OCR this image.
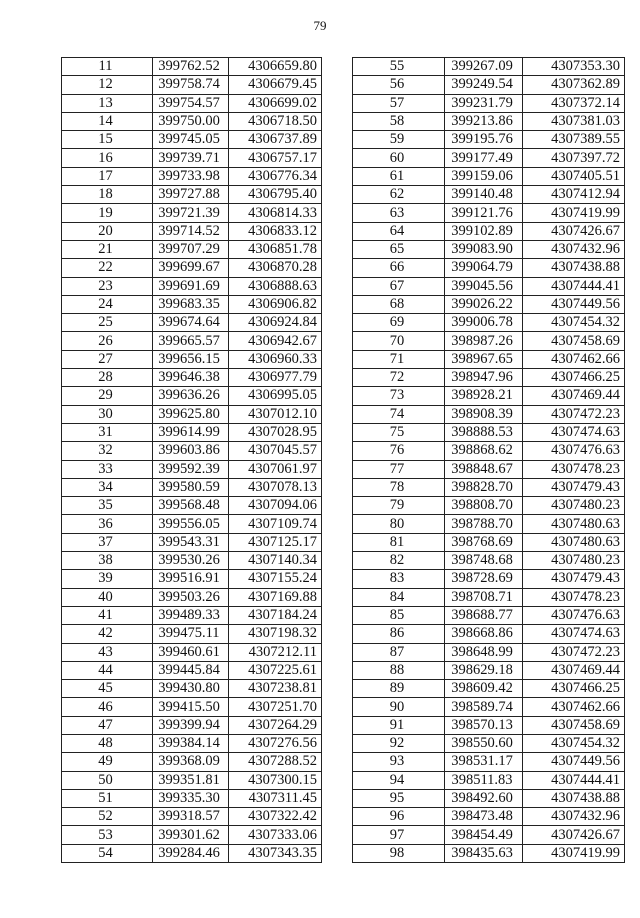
79
11	399762.52	4306659.80
12	399758.74	4306679.45
13	399754.57	4306699.02
14	399750.00	4306718.50
15	399745.05	4306737.89
16	399739.71	4306757.17
17	399733.98	4306776.34
18	399727.88	4306795.40
19	399721.39	4306814.33
20	399714.52	4306833.12
21	399707.29	4306851.78
22	399699.67	4306870.28
23	399691.69	4306888.63
24	399683.35	4306906.82
25	399674.64	4306924.84
26	399665.57	4306942.67
27	399656.15	4306960.33
28	399646.38	4306977.79
29	399636.26	4306995.05
30	399625.80	4307012.10
31	399614.99	4307028.95
32	399603.86	4307045.57
33	399592.39	4307061.97
34	399580.59	4307078.13
35	399568.48	4307094.06
36	399556.05	4307109.74
37	399543.31	4307125.17
38	399530.26	4307140.34
39	399516.91	4307155.24
40	399503.26	4307169.88
41	399489.33	4307184.24
42	399475.11	4307198.32
43	399460.61	4307212.11
44	399445.84	4307225.61
45	399430.80	4307238.81
46	399415.50	4307251.70
47	399399.94	4307264.29
48	399384.14	4307276.56
49	399368.09	4307288.52
50	399351.81	4307300.15
51	399335.30	4307311.45
52	399318.57	4307322.42
53	399301.62	4307333.06
54	399284.46	4307343.35
55	399267.09	4307353.30
56	399249.54	4307362.89
57	399231.79	4307372.14
58	399213.86	4307381.03
59	399195.76	4307389.55
60	399177.49	4307397.72
61	399159.06	4307405.51
62	399140.48	4307412.94
63	399121.76	4307419.99
64	399102.89	4307426.67
65	399083.90	4307432.96
66	399064.79	4307438.88
67	399045.56	4307444.41
68	399026.22	4307449.56
69	399006.78	4307454.32
70	398987.26	4307458.69
71	398967.65	4307462.66
72	398947.96	4307466.25
73	398928.21	4307469.44
74	398908.39	4307472.23
75	398888.53	4307474.63
76	398868.62	4307476.63
77	398848.67	4307478.23
78	398828.70	4307479.43
79	398808.70	4307480.23
80	398788.70	4307480.63
81	398768.69	4307480.63
82	398748.68	4307480.23
83	398728.69	4307479.43
84	398708.71	4307478.23
85	398688.77	4307476.63
86	398668.86	4307474.63
87	398648.99	4307472.23
88	398629.18	4307469.44
89	398609.42	4307466.25
90	398589.74	4307462.66
91	398570.13	4307458.69
92	398550.60	4307454.32
93	398531.17	4307449.56
94	398511.83	4307444.41
95	398492.60	4307438.88
96	398473.48	4307432.96
97	398454.49	4307426.67
98	398435.63	4307419.99
